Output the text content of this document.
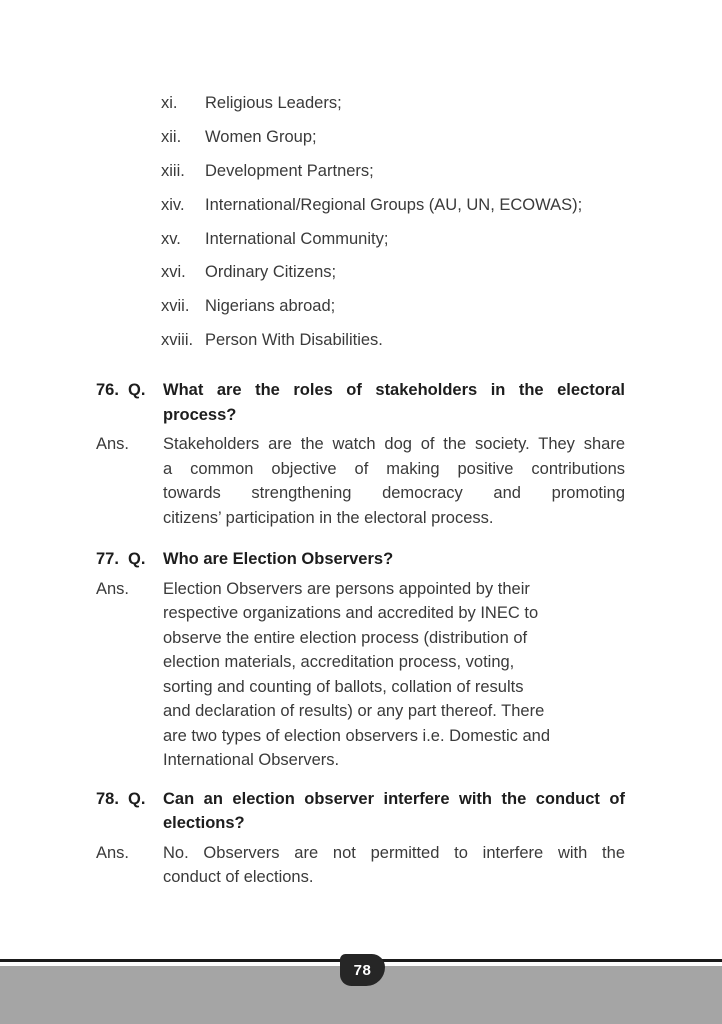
xi.	Religious Leaders;
xii.	Women Group;
xiii.	Development Partners;
xiv.	International/Regional Groups (AU, UN, ECOWAS);
xv.	International Community;
xvi.	Ordinary Citizens;
xvii. Nigerians abroad;
xviii. Person With Disabilities.
76. Q. What are the roles of stakeholders in the electoral
process?
Ans.	Stakeholders are the watch dog of the society. They share
a common objective of making positive contributions
towards strengthening democracy and promoting
citizens’ participation in the electoral process.
77. Q. Who are Election Observers?
Ans.	Election Observers are persons appointed by their
respective organizations and accredited by INEC to
observe the entire election process (distribution of
election materials, accreditation process, voting,
sorting and counting of ballots, collation of results
and declaration of results) or any part thereof. There
are two types of election observers i.e. Domestic and
International Observers.
78. Q. Can an election observer interfere with the conduct of
elections?
Ans.	No. Observers are not permitted to interfere with the
conduct of elections.
78
